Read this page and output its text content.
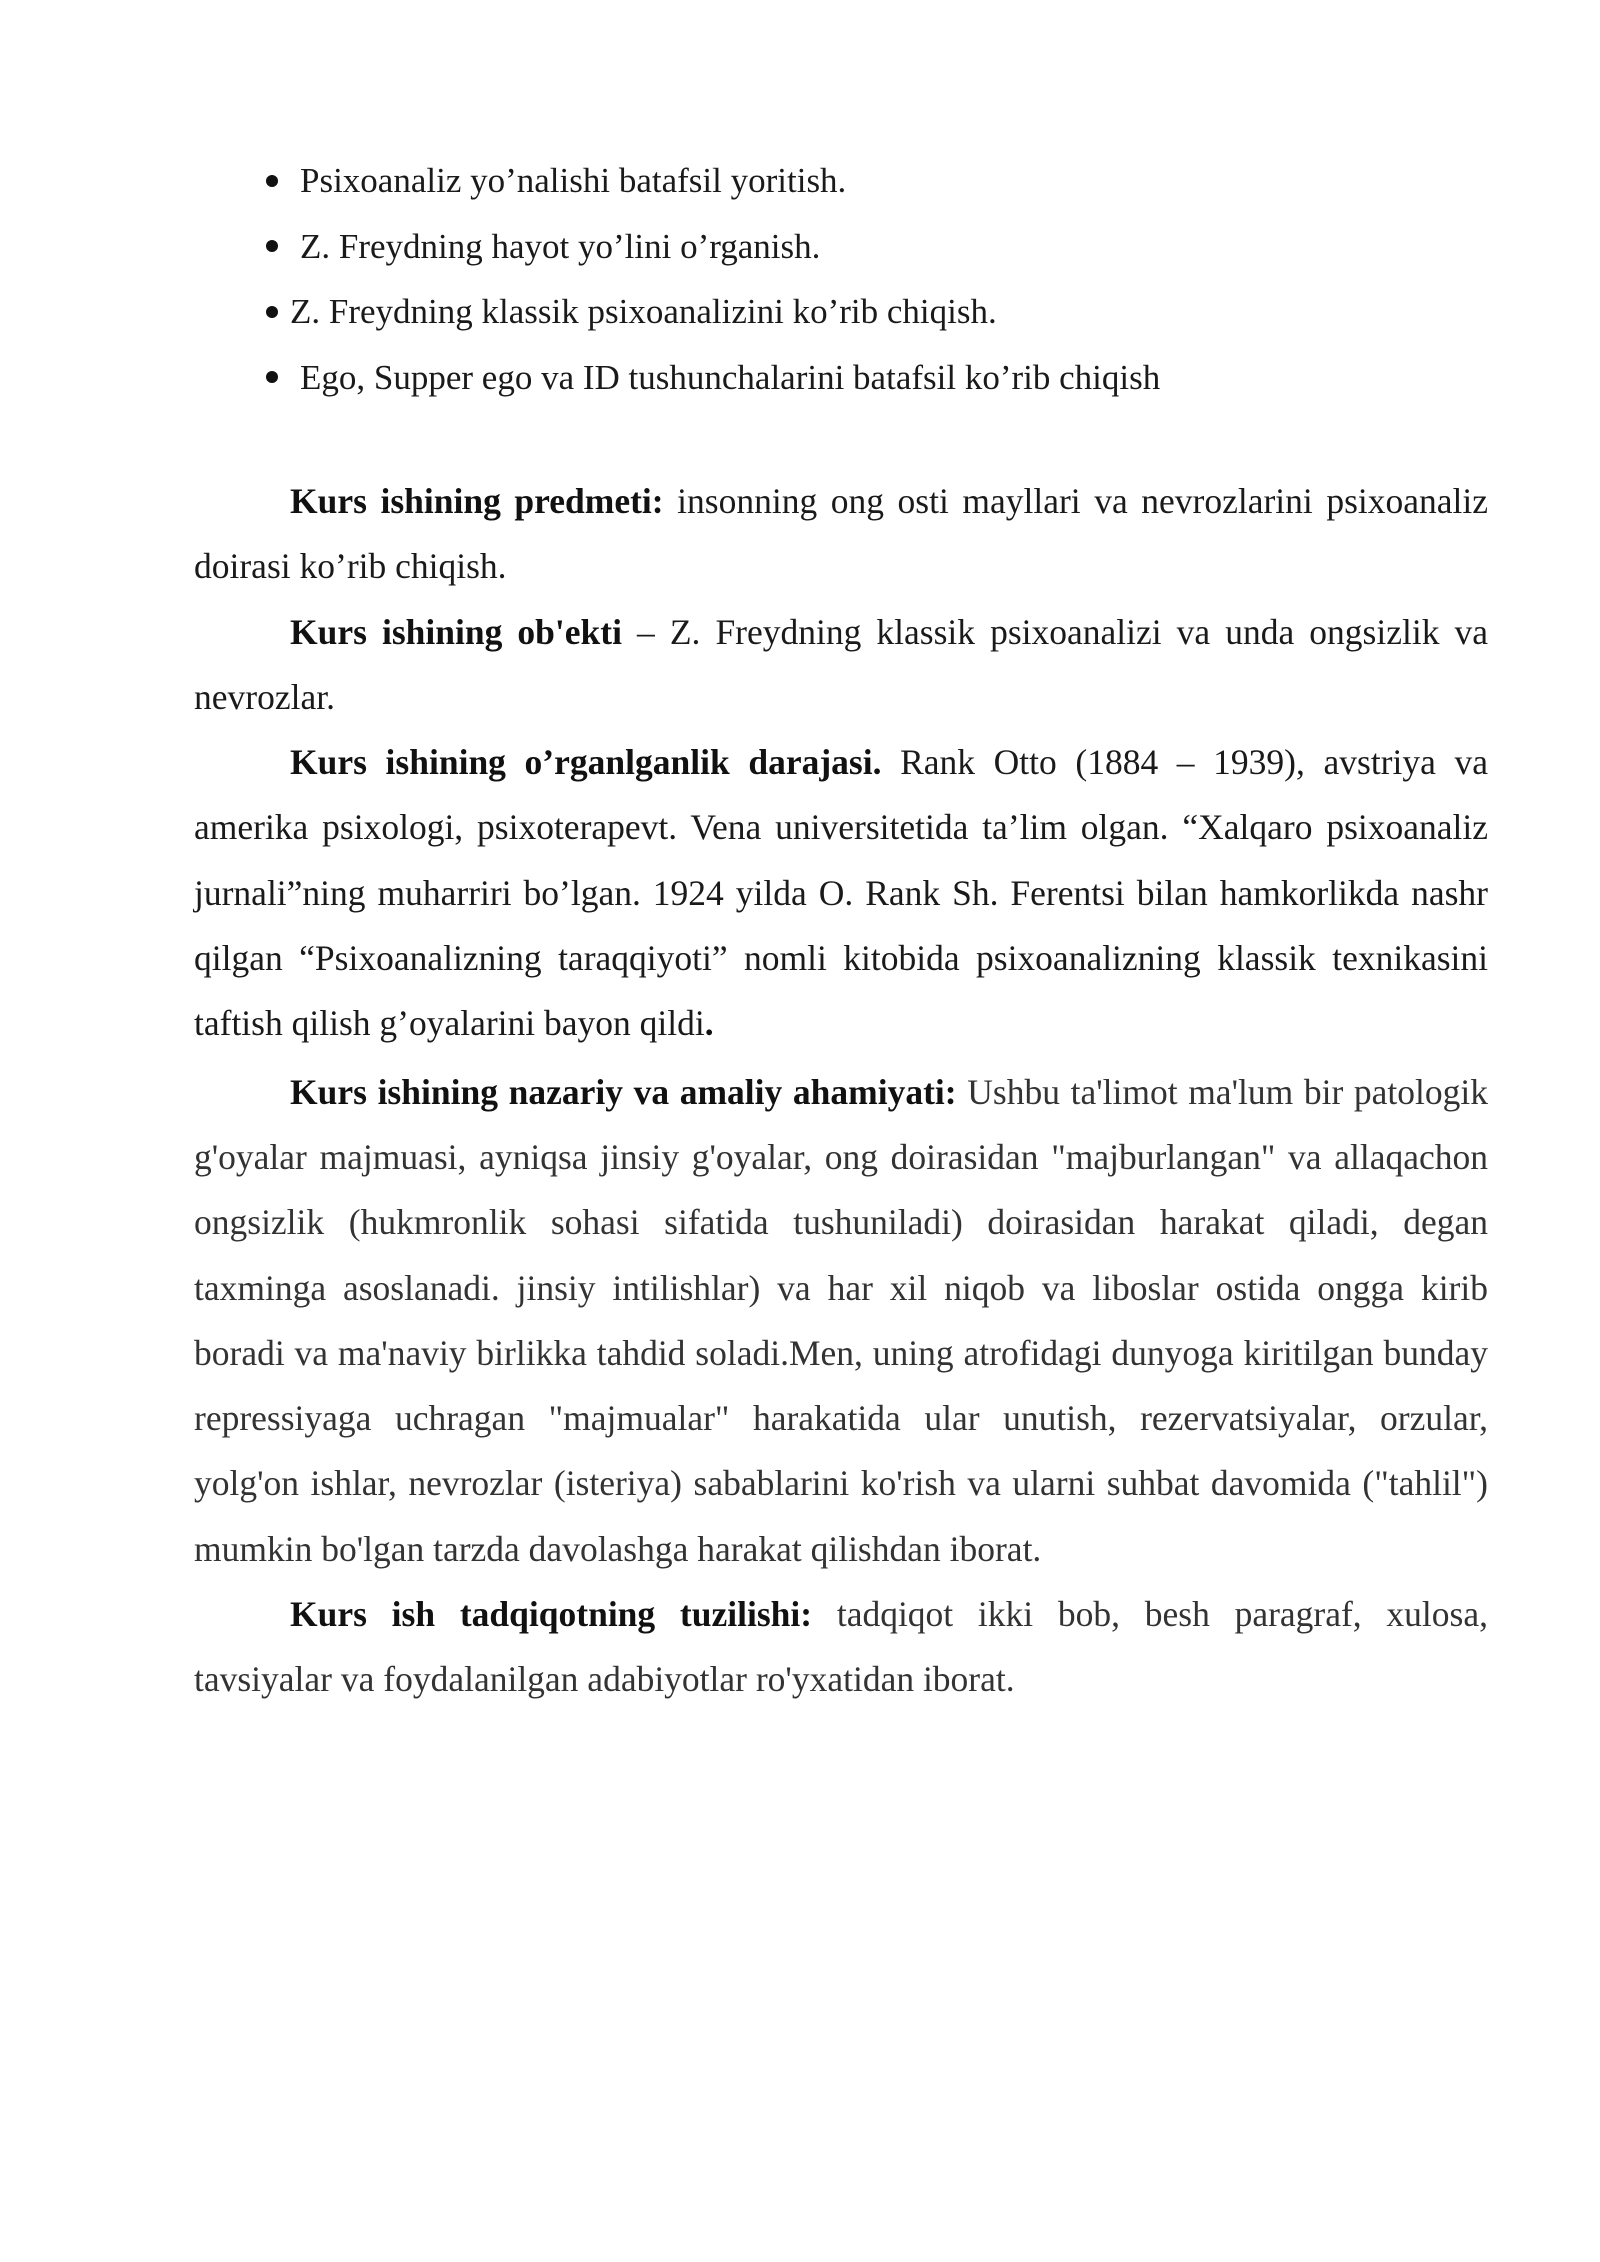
Psixoanaliz yo’nalishi batafsil yoritish.
Z. Freydning hayot yo’lini o’rganish.
Z. Freydning klassik psixoanalizini ko’rib chiqish.
Ego, Supper ego va ID tushunchalarini batafsil ko’rib chiqish

Kurs ishining predmeti: insonning ong osti mayllari va nevrozlarini psixoanaliz doirasi ko’rib chiqish.

Kurs ishining ob'ekti – Z. Freydning klassik psixoanalizi va unda ongsizlik va nevrozlar.

Kurs ishining o’rganlganlik darajasi. Rank Otto (1884 – 1939), avstriya va amerika psixologi, psixoterapevt. Vena universitetida ta’lim olgan. “Xalqaro psixoanaliz jurnali”ning muharriri bo’lgan. 1924 yilda O. Rank Sh. Ferentsi bilan hamkorlikda nashr qilgan “Psixoanalizning taraqqiyoti” nomli kitobida psixoanalizning klassik texnikasini taftish qilish g’oyalarini bayon qildi.

Kurs ishining nazariy va amaliy ahamiyati: Ushbu ta'limot ma'lum bir patologik g'oyalar majmuasi, ayniqsa jinsiy g'oyalar, ong doirasidan "majburlangan" va allaqachon ongsizlik (hukmronlik sohasi sifatida tushuniladi) doirasidan harakat qiladi, degan taxminga asoslanadi. jinsiy intilishlar) va har xil niqob va liboslar ostida ongga kirib boradi va ma'naviy birlikka tahdid soladi.Men, uning atrofidagi dunyoga kiritilgan bunday repressiyaga uchragan "majmualar" harakatida ular unutish, rezervatsiyalar, orzular, yolg'on ishlar, nevrozlar (isteriya) sabablarini ko'rish va ularni suhbat davomida ("tahlil") mumkin bo'lgan tarzda davolashga harakat qilishdan iborat.

Kurs ish tadqiqotning tuzilishi: tadqiqot ikki bob, besh paragraf, xulosa, tavsiyalar va foydalanilgan adabiyotlar ro'yxatidan iborat.
